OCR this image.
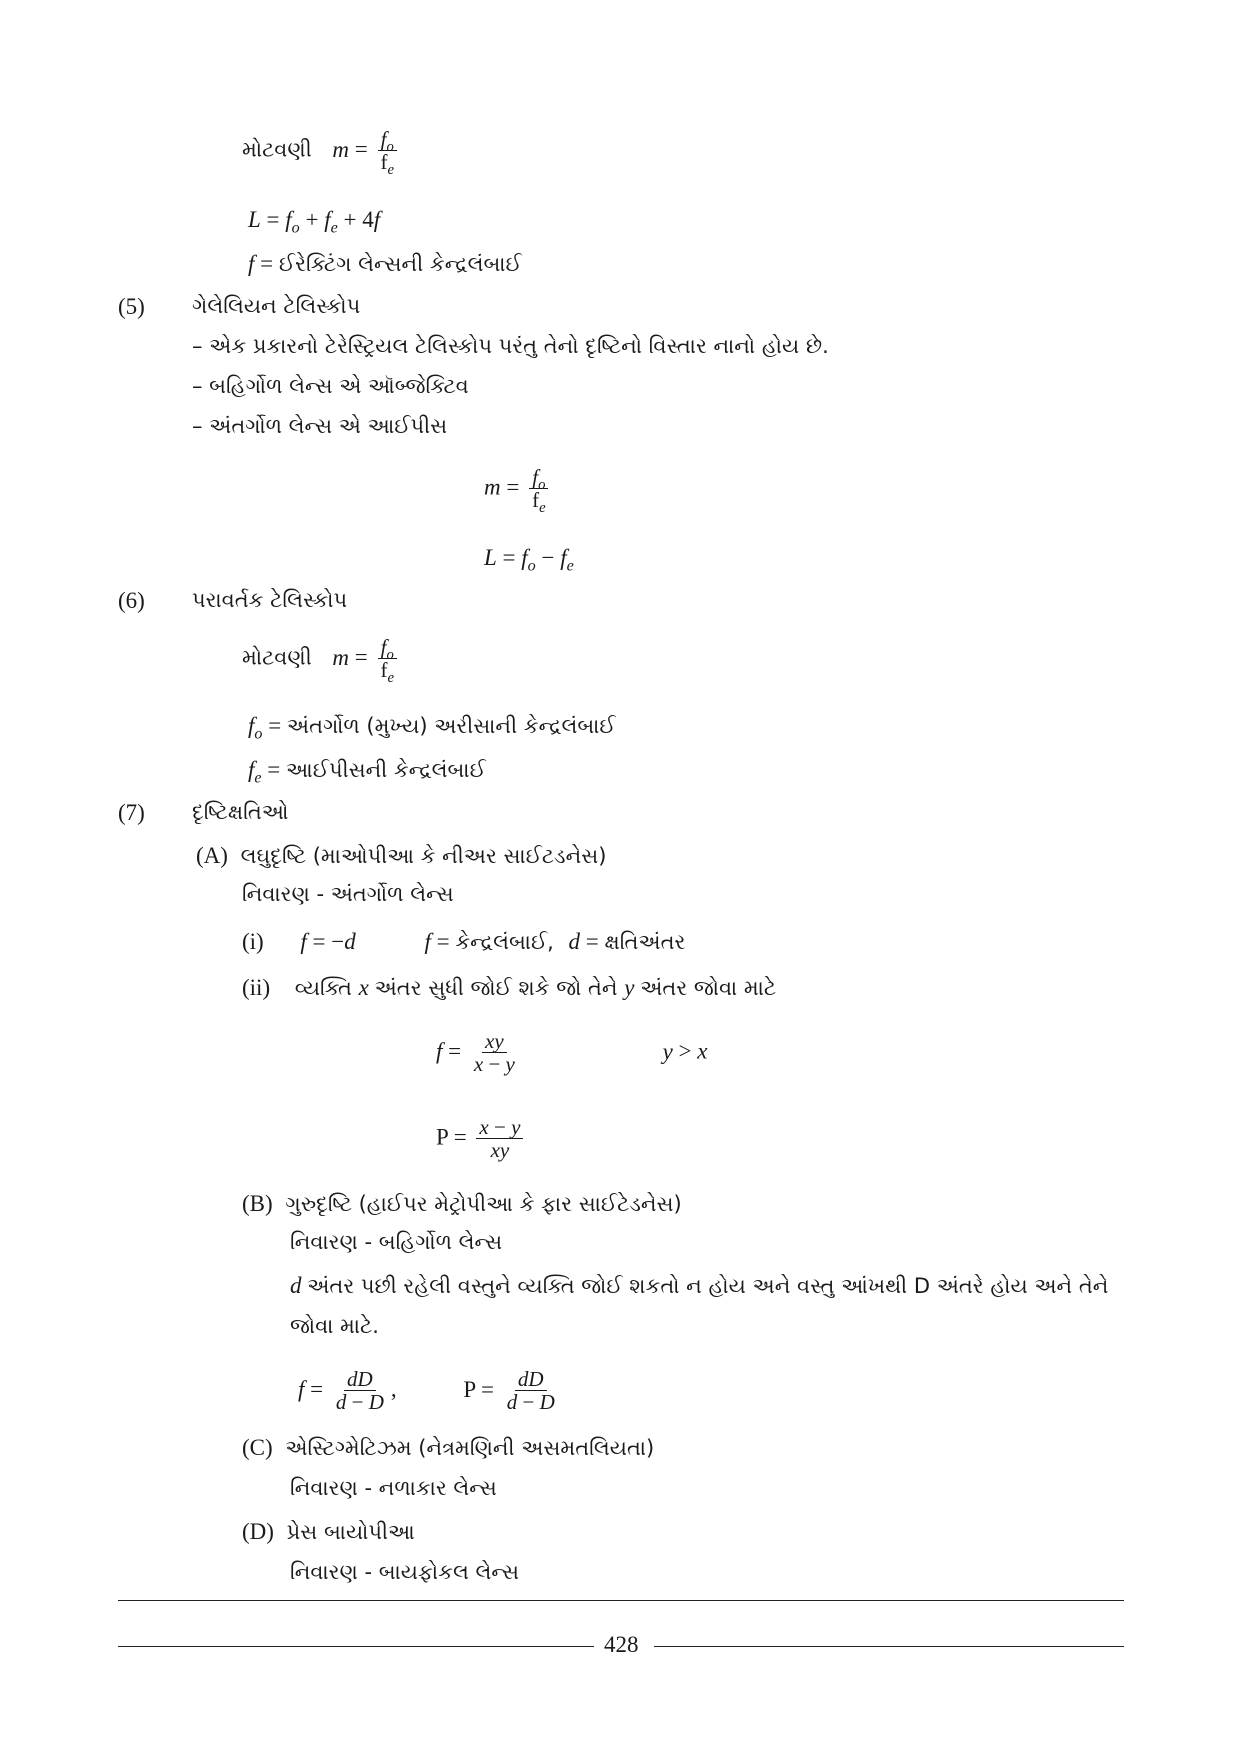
મોટવણી $m = \frac{f_o}{f_e}$
$L = f_o + f_e + 4f$
f = ઈરેક્ટિંગ લેન્સની કેન્દ્રલંબાઈ
(5) ગેલેલિયન ટેલિસ્કોપ
– એક પ્રકારનો ટેરેસ્ટ્રિયલ ટેલિસ્કોપ પરંતુ તેનો દૃષ્ટિનો વિસ્તાર નાનો હોય છે.
– બહિર્ગોળ લેન્સ એ ઑબ્જેક્ટિવ
– અંતર્ગોળ લેન્સ એ આઈપીસ
$m = \frac{f_o}{f_e}$
$L = f_o - f_e$
(6) પરાવર્તક ટેલિસ્કોપ
મોટવણી $m = \frac{f_o}{f_e}$
$f_o$ = અંતર્ગોળ (મુખ્ય) અરીસાની કેન્દ્રલંબાઈ
$f_e$ = આઈપીસની કેન્દ્રલંબાઈ
(7) દૃષ્ટિક્ષતિઓ
(A) લઘુદૃષ્ટિ (માઓપીઆ કે નીઅર સાઈટડનેસ)
નિવારણ - અંતર્ગોળ લેન્સ
(i) f = −d	f = કેન્દ્રલંબાઈ, d = ક્ષતિઅંતર
(ii) વ્યક્તિ x અંતર સુધી જોઈ શકે જો તેને y અંતર જોવા માટે
$f = \frac{xy}{x - y}$	y > x
$P = \frac{x - y}{xy}$
(B) ગુરુદૃષ્ટિ (હાઈપર મેટ્રોપીઆ કે ફાર સાઈટેડનેસ)
નિવારણ - બહિર્ગોળ લેન્સ
d અંતર પછી રહેલી વસ્તુને વ્યક્તિ જોઈ શકતો ન હોય અને વસ્તુ આંખથી D અંતરે હોય અને તેને
જોવા માટે.
$f = \frac{dD}{d - D}$ ,	$P = \frac{dD}{d - D}$
(C) એસ્ટિગ્મેટિઝમ (નેત્રમણિની અસમતલિયતા)
નિવારણ - નળાકાર લેન્સ
(D) પ્રેસ બાયોપીઆ
નિવારણ - બાયફોકલ લેન્સ
428
